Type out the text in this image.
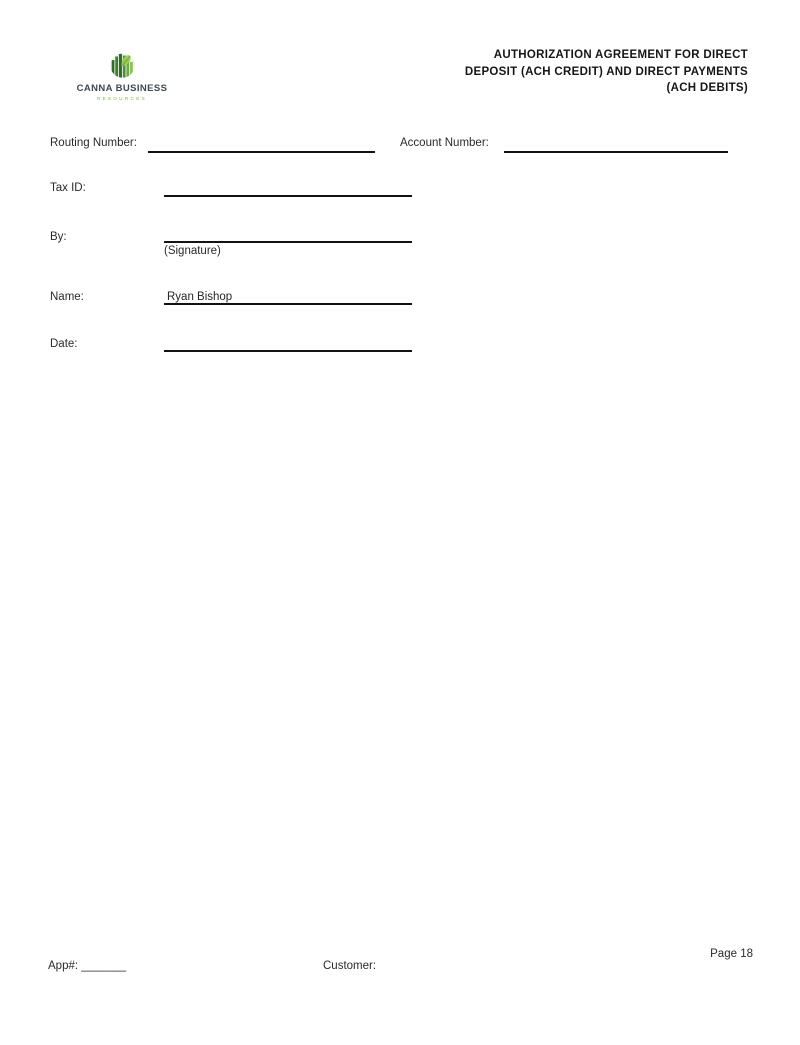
CANNA BUSINESS
RESOURCES
AUTHORIZATION AGREEMENT FOR DIRECT
DEPOSIT (ACH CREDIT) AND DIRECT PAYMENTS
(ACH DEBITS)
Routing Number:	Account Number:
Tax ID:
By:
(Signature)
Name:	Ryan Bishop
Date:
Page 18
App#: _______	Customer:
